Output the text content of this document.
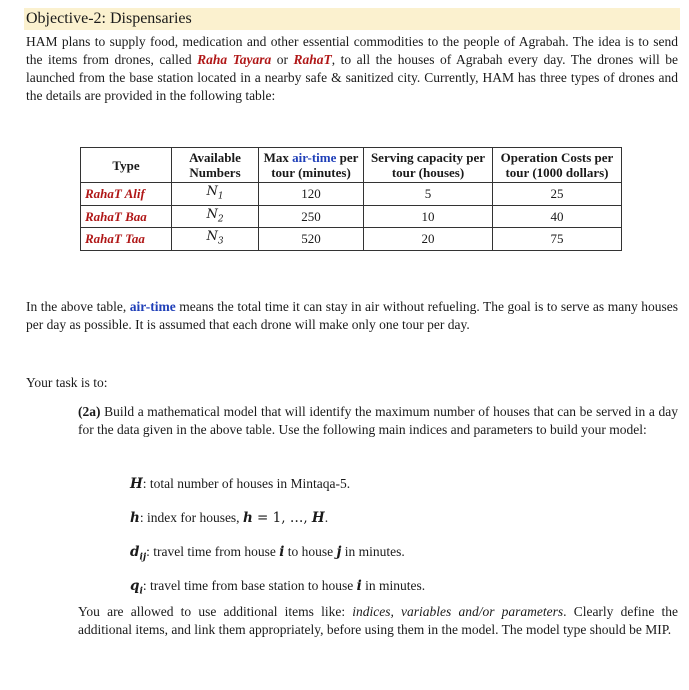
Objective-2: Dispensaries

HAM plans to supply food, medication and other essential commodities to the people of Agrabah. The idea is to send the items from drones, called Raha Tayara or RahaT, to all the houses of Agrabah every day. The drones will be launched from the base station located in a nearby safe & sanitized city. Currently, HAM has three types of drones and the details are provided in the following table:

Type	Available Numbers	Max air-time per tour (minutes)	Serving capacity per tour (houses)	Operation Costs per tour (1000 dollars)
RahaT Alif	$N_1$	120	5	25
RahaT Baa	$N_2$	250	10	40
RahaT Taa	$N_3$	520	20	75

In the above table, air-time means the total time it can stay in air without refueling. The goal is to serve as many houses per day as possible. It is assumed that each drone will make only one tour per day.

Your task is to:

(2a) Build a mathematical model that will identify the maximum number of houses that can be served in a day for the data given in the above table. Use the following main indices and parameters to build your model:

H: total number of houses in Mintaqa-5.
h: index for houses, h = 1, …, H.
$d_{ij}$: travel time from house i to house j in minutes.
$q_i$: travel time from base station to house i in minutes.

You are allowed to use additional items like: indices, variables and/or parameters. Clearly define the additional items, and link them appropriately, before using them in the model. The model type should be MIP.
